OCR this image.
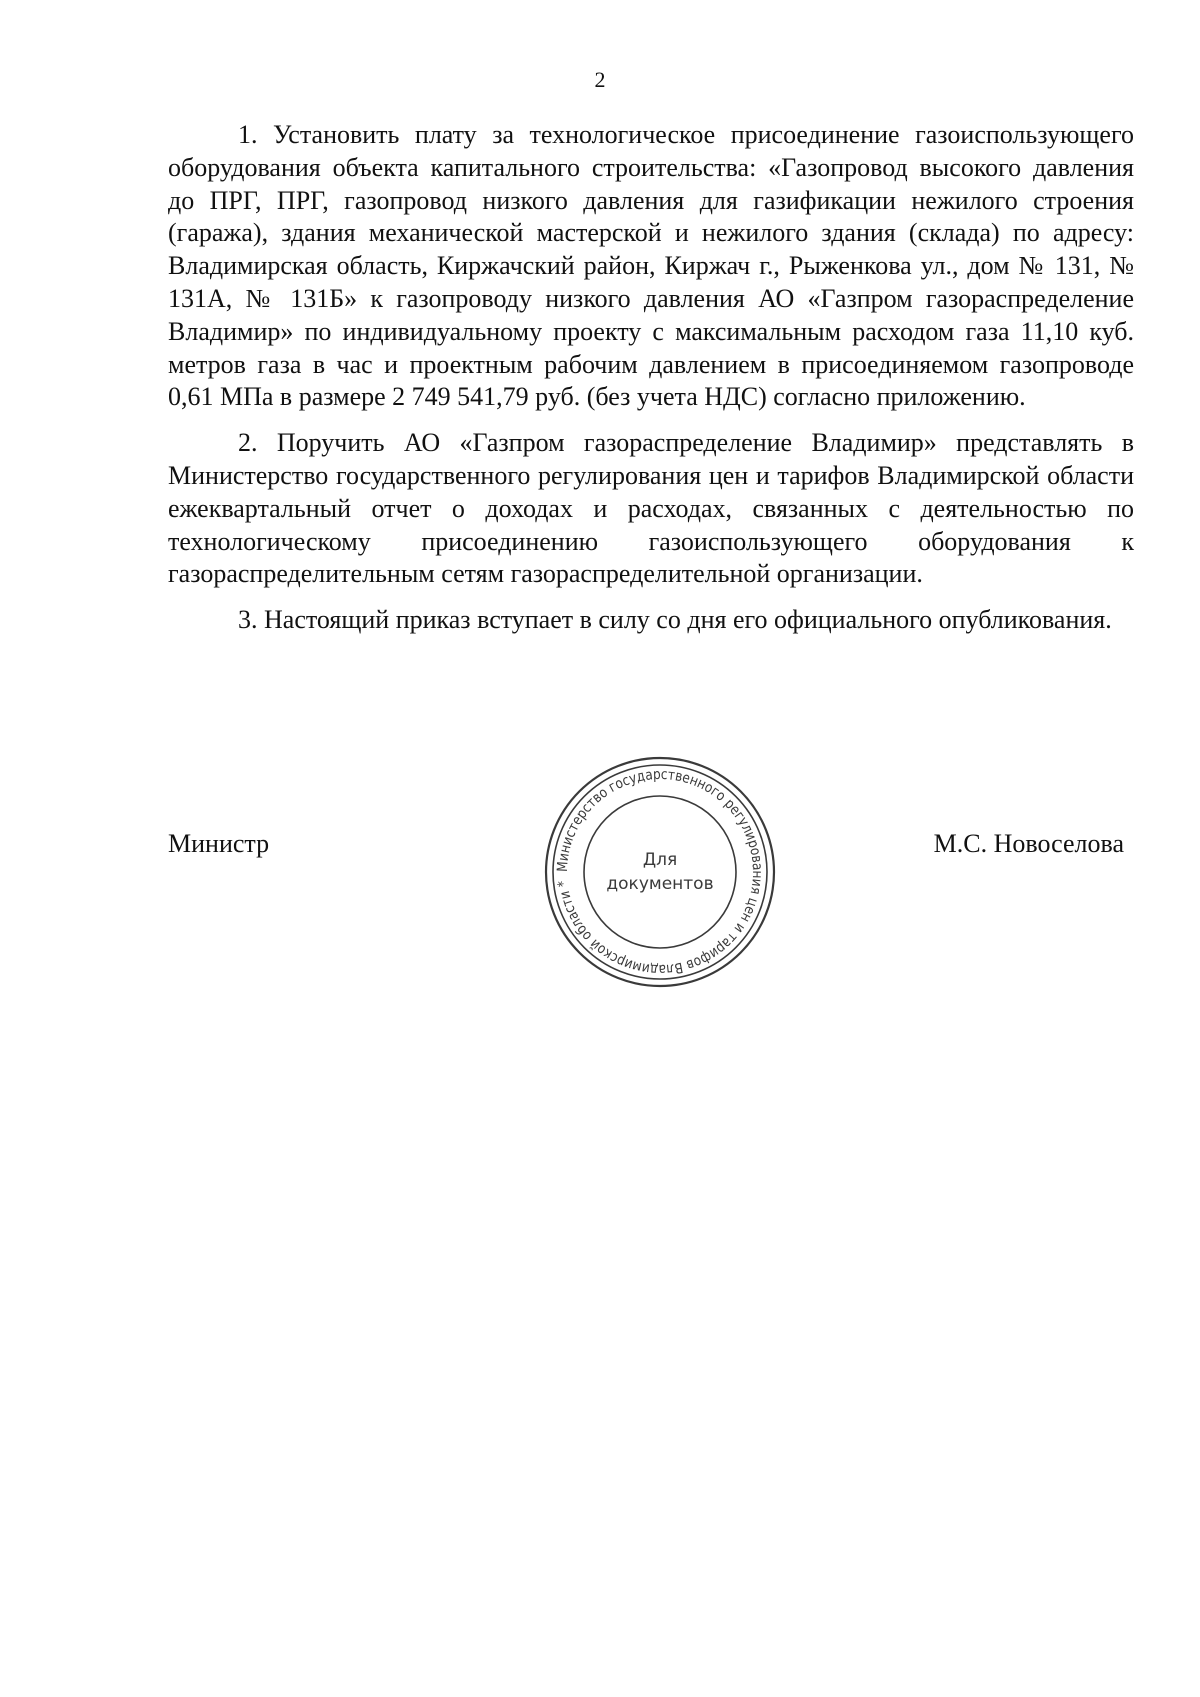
2

1. Установить плату за технологическое присоединение газоиспользующего оборудования объекта капитального строительства: «Газопровод высокого давления до ПРГ, ПРГ, газопровод низкого давления для газификации нежилого строения (гаража), здания механической мастерской и нежилого здания (склада) по адресу: Владимирская область, Киржачский район, Киржач г., Рыженкова ул., дом № 131, № 131А, № 131Б» к газопроводу низкого давления АО «Газпром газораспределение Владимир» по индивидуальному проекту с максимальным расходом газа 11,10 куб. метров газа в час и проектным рабочим давлением в присоединяемом газопроводе 0,61 МПа в размере 2 749 541,79 руб. (без учета НДС) согласно приложению.

2. Поручить АО «Газпром газораспределение Владимир» представлять в Министерство государственного регулирования цен и тарифов Владимирской области ежеквартальный отчет о доходах и расходах, связанных с деятельностью по технологическому присоединению газоиспользующего оборудования к газораспределительным сетям газораспределительной организации.

3. Настоящий приказ вступает в силу со дня его официального опубликования.

Министр
Министерство государственного регулирования цен и тарифов Владимирской области *
Для
документов
М.С. Новоселова
